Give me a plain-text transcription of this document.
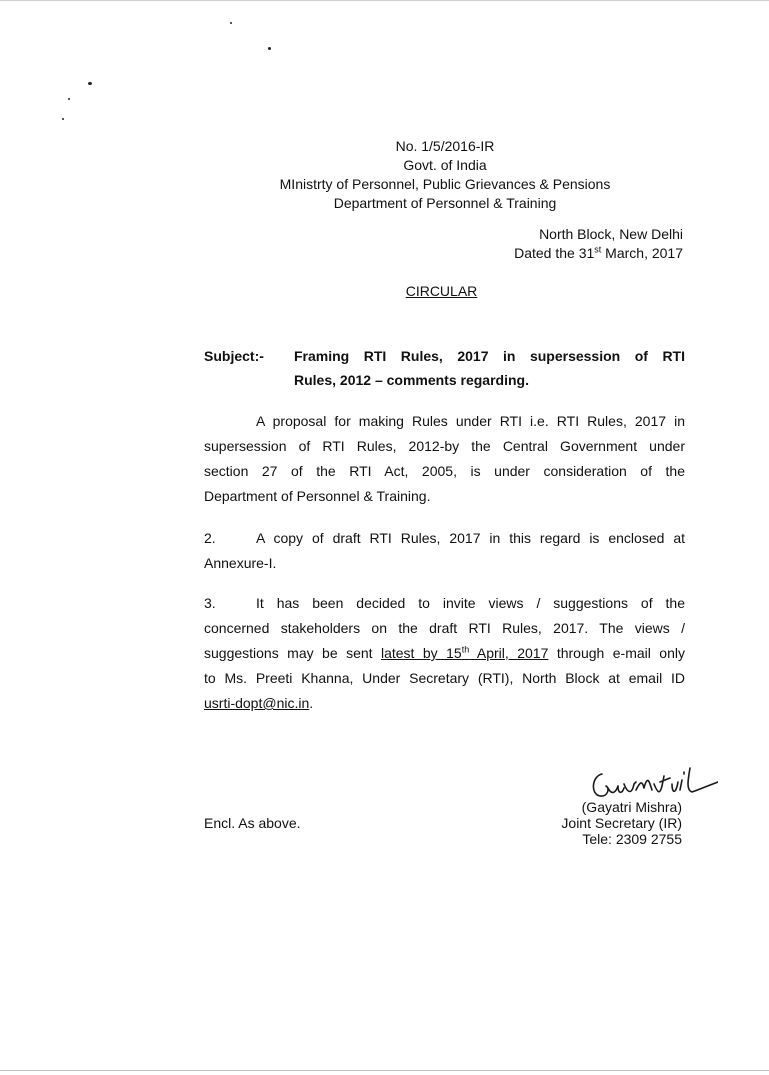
No. 1/5/2016-IR
Govt. of India
MInistrty of Personnel, Public Grievances & Pensions
Department of Personnel & Training
North Block, New Delhi
Dated the 31st March, 2017
CIRCULAR
Subject:- Framing RTI Rules, 2017 in supersession of RTI
Rules, 2012 – comments regarding.
A proposal for making Rules under RTI i.e. RTI Rules, 2017 in
supersession of RTI Rules, 2012-by the Central Government under
section 27 of the RTI Act, 2005, is under consideration of the
Department of Personnel & Training.
2.	A copy of draft RTI Rules, 2017 in this regard is enclosed at
Annexure-I.
3.	It has been decided to invite views / suggestions of the
concerned stakeholders on the draft RTI Rules, 2017. The views /
suggestions may be sent latest by 15th April, 2017 through e-mail only
to Ms. Preeti Khanna, Under Secretary (RTI), North Block at email ID
usrti-dopt@nic.in.
(Gayatri Mishra)
Joint Secretary (IR)
Tele: 2309 2755
Encl. As above.
